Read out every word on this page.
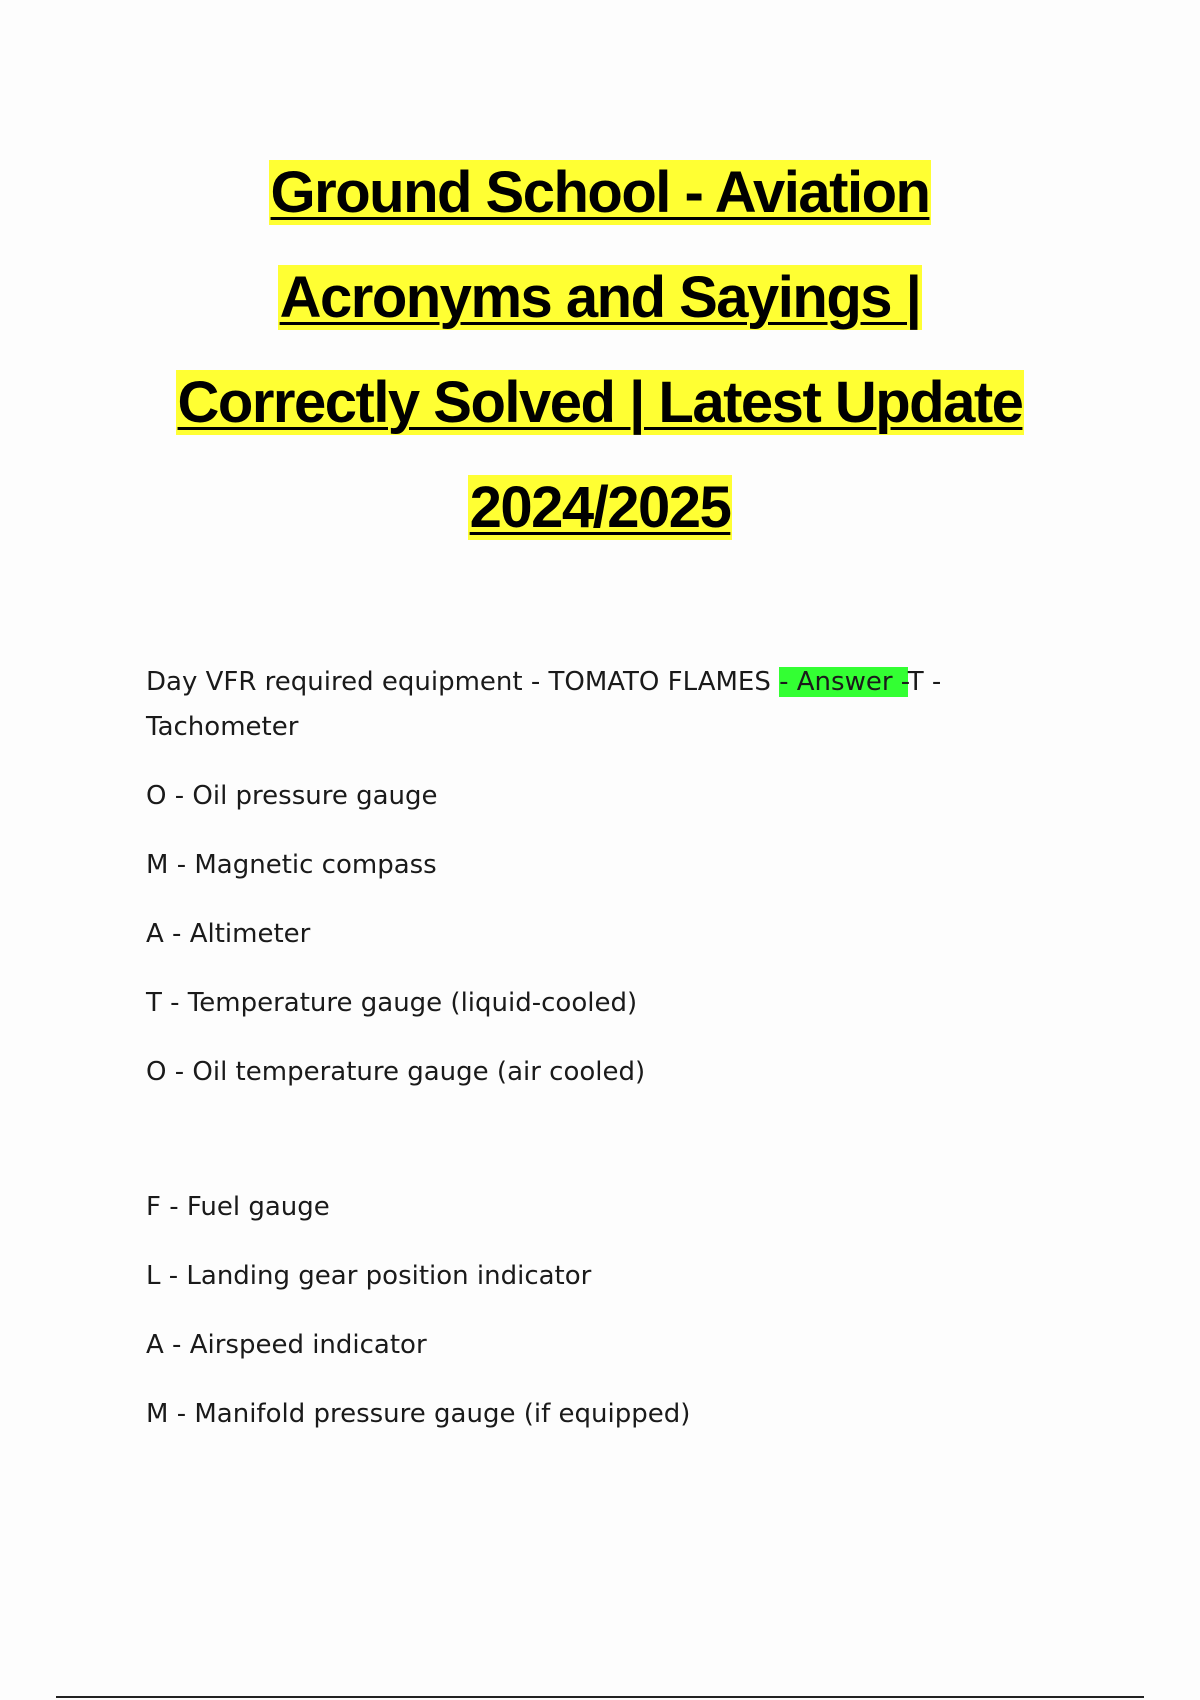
Ground School - Aviation
Acronyms and Sayings |
Correctly Solved | Latest Update
2024/2025

Day VFR required equipment - TOMATO FLAMES - Answer -T -

Tachometer

O - Oil pressure gauge

M - Magnetic compass

A - Altimeter

T - Temperature gauge (liquid-cooled)

O - Oil temperature gauge (air cooled)

F - Fuel gauge

L - Landing gear position indicator

A - Airspeed indicator

M - Manifold pressure gauge (if equipped)
